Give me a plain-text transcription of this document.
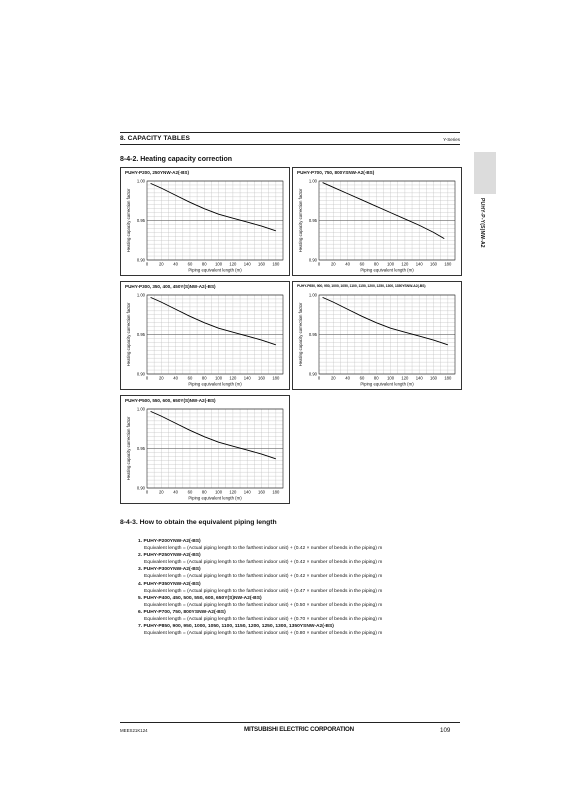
8. CAPACITY TABLES	Y-Series
PUHY-P-Y(S)NW-A2
8-4-2. Heating capacity correction
PUHY-P200, 250YNW-A2(-BS)
0.90
0.95
1.00
0	20 40 60 80 100 120 140 160 180
Piping equivalent length (m)
Heating capacity correction factor
PUHY-P700, 750, 800YSNW-A2(-BS)
0.90
0.95
1.00
0	20 40 60 80 100 120 140 160 180
Piping equivalent length (m)
Heating capacity correction factor
PUHY-P300, 350, 400, 450Y(S)NW-A2(-BS)
0.90
0.95
1.00
0	20 40 60 80 100 120 140 160 180
Piping equivalent length (m)
Heating capacity correction factor
PUHY-P850, 900, 950, 1000, 1050, 1100, 1150, 1200, 1250, 1300, 1350YSNW-A2(-BS)
0.90
0.95
1.00
0	20 40 60 80 100 120 140 160 180
Piping equivalent length (m)
Heating capacity correction factor
PUHY-P500, 550, 600, 650Y(S)NW-A2(-BS)
0.90
0.95
1.00
0	20 40 60 80 100 120 140 160 180
Piping equivalent length (m)
Heating capacity correction factor
8-4-3. How to obtain the equivalent piping length
1. PUHY-P200YNW-A2(-BS)
Equivalent length = (Actual piping length to the farthest indoor unit) + (0.42 × number of bends in the piping) m
2. PUHY-P250YNW-A2(-BS)
Equivalent length = (Actual piping length to the farthest indoor unit) + (0.42 × number of bends in the piping) m
3. PUHY-P300YNW-A2(-BS)
Equivalent length = (Actual piping length to the farthest indoor unit) + (0.42 × number of bends in the piping) m
4. PUHY-P350YNW-A2(-BS)
Equivalent length = (Actual piping length to the farthest indoor unit) + (0.47 × number of bends in the piping) m
5. PUHY-P400, 450, 500, 550, 600, 650Y(S)NW-A2(-BS)
Equivalent length = (Actual piping length to the farthest indoor unit) + (0.50 × number of bends in the piping) m
6. PUHY-P700, 750, 800YSNW-A2(-BS)
Equivalent length = (Actual piping length to the farthest indoor unit) + (0.70 × number of bends in the piping) m
7. PUHY-P850, 900, 950, 1000, 1050, 1100, 1150, 1200, 1250, 1300, 1350YSNW-A2(-BS)
Equivalent length = (Actual piping length to the farthest indoor unit) + (0.80 × number of bends in the piping) m
MEES21K124	MITSUBISHI ELECTRIC CORPORATION	109
